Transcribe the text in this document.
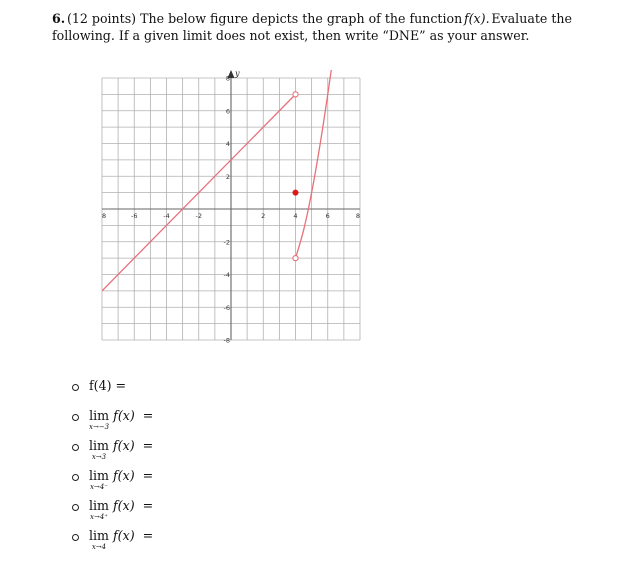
6. (12 points) The below figure depicts the graph of the function f(x). Evaluate the
following. If a given limit does not exist, then write “DNE” as your answer.
y
8	-6	-4	-2	2	4	6	8
8
6
4
2
-2
-4
-6
-8
f(4) =
lim
x→−3
f(x) =
lim
x→3
f(x) =
lim
x→4⁻
f(x) =
lim
x→4⁺
f(x) =
lim
x→4
f(x) =
